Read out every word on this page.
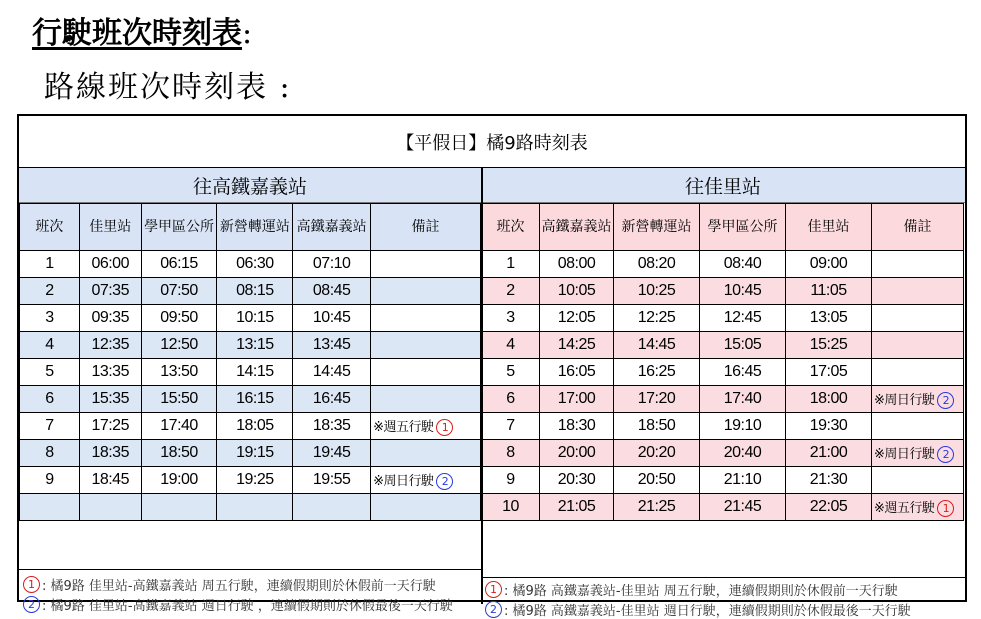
行駛班次時刻表:
路線班次時刻表 :
【平假日】橘9路時刻表
往高鐵嘉義站
班次	佳里站	學甲區公所	新營轉運站	高鐵嘉義站	備註
1	06:00	06:15	06:30	07:10	
2	07:35	07:50	08:15	08:45	
3	09:35	09:50	10:15	10:45	
4	12:35	12:50	13:15	13:45	
5	13:35	13:50	14:15	14:45	
6	15:35	15:50	16:15	16:45	
7	17:25	17:40	18:05	18:35	※週五行駛 1
8	18:35	18:50	19:15	19:45	
9	18:45	19:00	19:25	19:55	※周日行駛 2

1 : 橘9路 佳里站-高鐵嘉義站 周五行駛，連續假期則於休假前一天行駛
2 : 橘9路 佳里站-高鐵嘉義站 週日行駛 ，連續假期則於休假最後一天行駛
往佳里站
班次	高鐵嘉義站	新營轉運站	學甲區公所	佳里站	備註
1	08:00	08:20	08:40	09:00	
2	10:05	10:25	10:45	11:05	
3	12:05	12:25	12:45	13:05	
4	14:25	14:45	15:05	15:25	
5	16:05	16:25	16:45	17:05	
6	17:00	17:20	17:40	18:00	※周日行駛 2
7	18:30	18:50	19:10	19:30	
8	20:00	20:20	20:40	21:00	※周日行駛 2
9	20:30	20:50	21:10	21:30	
10	21:05	21:25	21:45	22:05	※週五行駛 1
1 : 橘9路 高鐵嘉義站-佳里站 周五行駛，連續假期則於休假前一天行駛
2 : 橘9路 高鐵嘉義站-佳里站 週日行駛，連續假期則於休假最後一天行駛
